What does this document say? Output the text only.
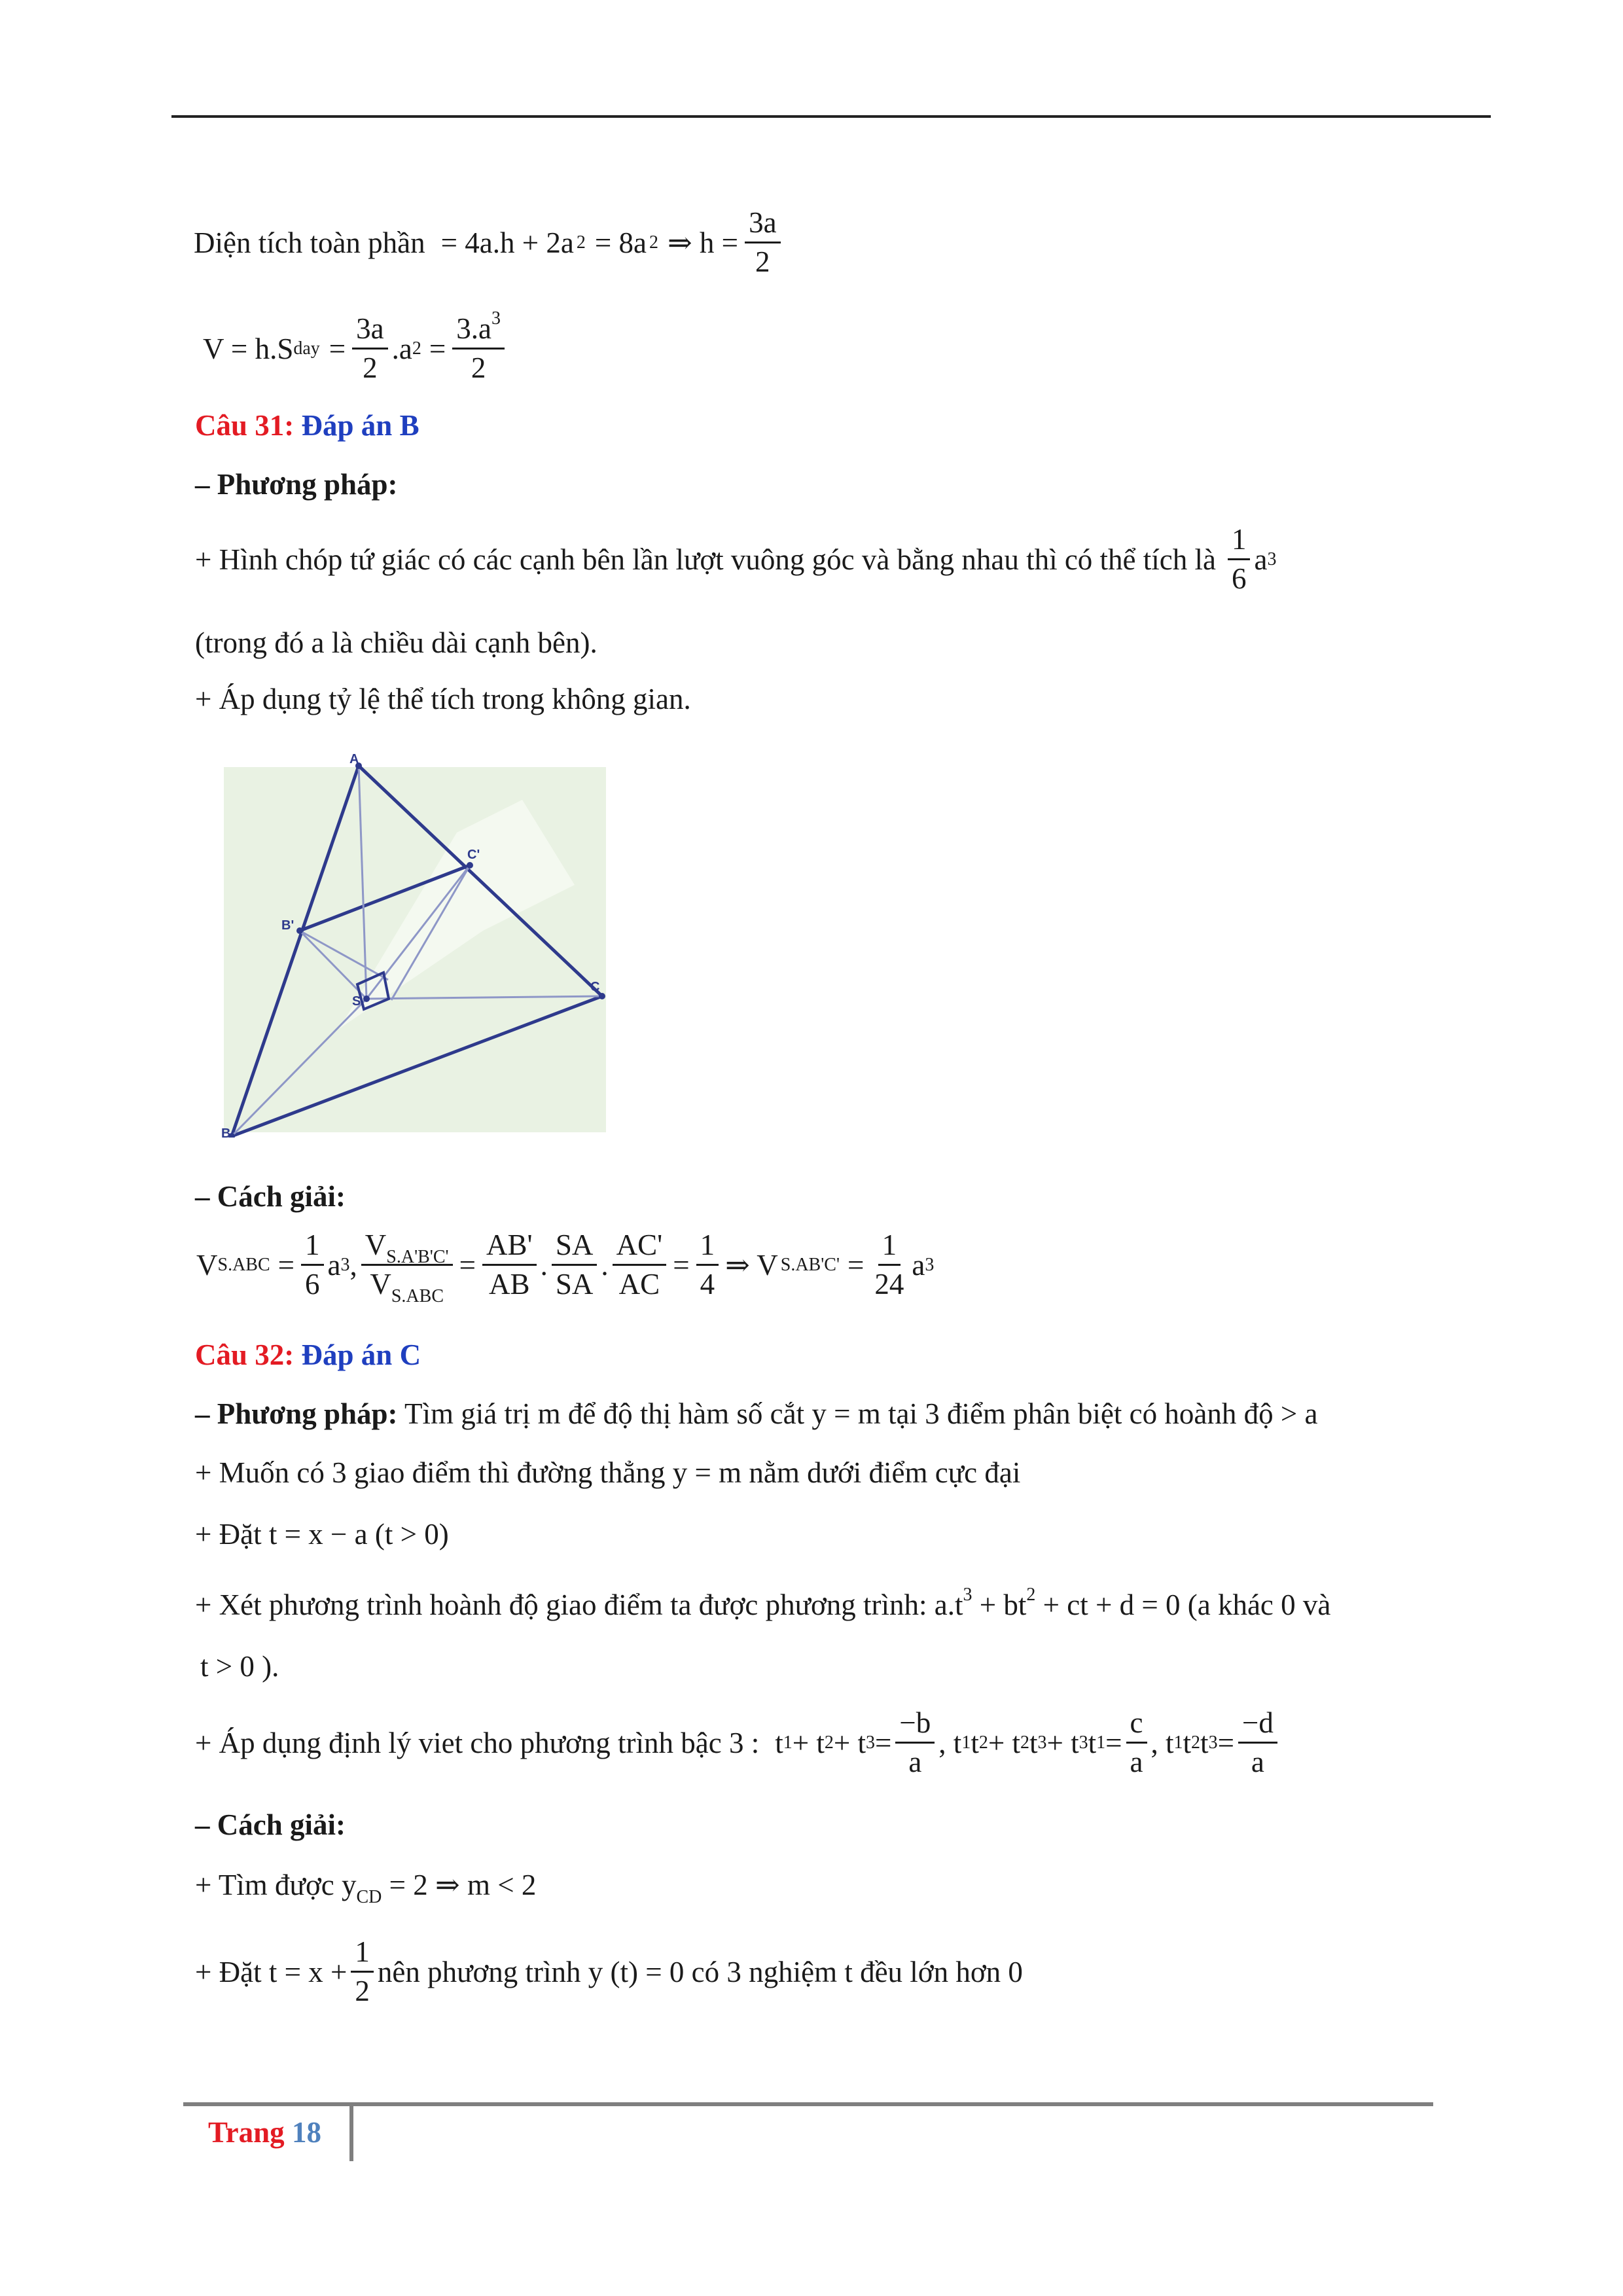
Diện tích toàn phần = 4a.h + 2a 2 = 8a 2 ⇒ $h = \frac{3a}{2}$
V = h.S day = $\frac{3a}{2} .a$ $2 = \frac{3.a^3}{2}$
Câu 31: Đáp án B
– Phương pháp:
+ Hình chóp tứ giác có các cạnh bên lần lượt vuông góc và bằng nhau thì có thể tích là $\frac{1}{6}$ a 3
(trong đó a là chiều dài cạnh bên).
+ Áp dụng tỷ lệ thể tích trong không gian.
A
B
C
B'
C'
S
– Cách giải:
V $S.ABC = \frac{1}{6}$ a 3 , $\frac{V_{S.A'B'C'}}{V_{S.ABC}} = \frac{AB'}{AB}$ . $\frac{SA}{SA}$ . $\frac{AC'}{AC} = \frac{1}{4}$ ⇒ V $S.AB'C' = \frac{1}{24}$ a 3
Câu 32: Đáp án C
– Phương pháp: Tìm giá trị m để độ thị hàm số cắt y = m tại 3 điểm phân biệt có hoành độ > a
+ Muốn có 3 giao điểm thì đường thẳng y = m nằm dưới điểm cực đại
+ Đặt t = x − a (t > 0)
+ Xét phương trình hoành độ giao điểm ta được phương trình: $a.t^3 + bt^2$ + ct + d = 0 (a khác 0 và
t > 0 ).
+ Áp dụng định lý viet cho phương trình bậc 3 : t 1 + t 2 + t $3 = \frac{-b}{a}$ , t 1 t 2 + t 2 t 3 + t 3 t $1 = \frac{c}{a}$ , t 1 t 2 t $3 = \frac{-d}{a}$
– Cách giải:
+ Tìm được $y_{CD} = 2$ ⇒ m < 2
+ Đặt $t = x + \frac{1}{2}$ nên phương trình y (t) = 0 có 3 nghiệm t đều lớn hơn 0
Trang 18
